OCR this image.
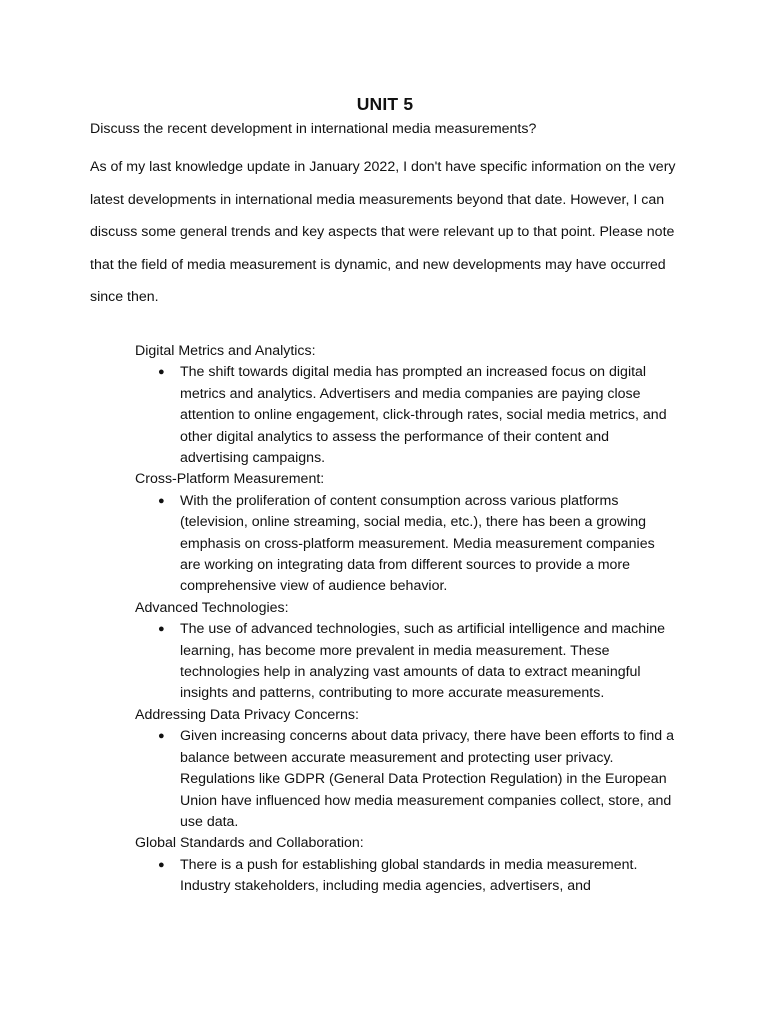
UNIT 5

Discuss the recent development in international media measurements?

As of my last knowledge update in January 2022, I don't have specific information on the very latest developments in international media measurements beyond that date. However, I can discuss some general trends and key aspects that were relevant up to that point. Please note that the field of media measurement is dynamic, and new developments may have occurred since then.

Digital Metrics and Analytics:

● The shift towards digital media has prompted an increased focus on digital metrics and analytics. Advertisers and media companies are paying close attention to online engagement, click-through rates, social media metrics, and other digital analytics to assess the performance of their content and advertising campaigns.

Cross-Platform Measurement:

● With the proliferation of content consumption across various platforms (television, online streaming, social media, etc.), there has been a growing emphasis on cross-platform measurement. Media measurement companies are working on integrating data from different sources to provide a more comprehensive view of audience behavior.

Advanced Technologies:

● The use of advanced technologies, such as artificial intelligence and machine learning, has become more prevalent in media measurement. These technologies help in analyzing vast amounts of data to extract meaningful insights and patterns, contributing to more accurate measurements.

Addressing Data Privacy Concerns:

● Given increasing concerns about data privacy, there have been efforts to find a balance between accurate measurement and protecting user privacy. Regulations like GDPR (General Data Protection Regulation) in the European Union have influenced how media measurement companies collect, store, and use data.

Global Standards and Collaboration:

● There is a push for establishing global standards in media measurement. Industry stakeholders, including media agencies, advertisers, and
